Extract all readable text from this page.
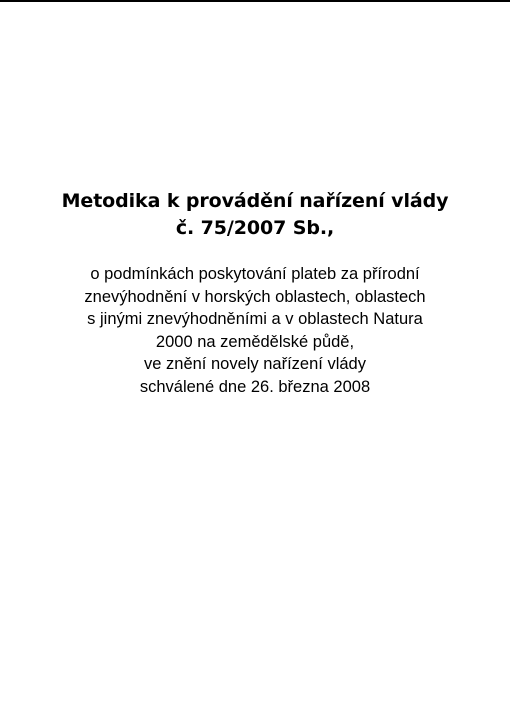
Metodika k provádění nařízení vlády
č. 75/2007 Sb.,
o podmínkách poskytování plateb za přírodní
znevýhodnění v horských oblastech, oblastech
s jinými znevýhodněními a v oblastech Natura
2000 na zemědělské půdě,
ve znění novely nařízení vlády
schválené dne 26. března 2008
